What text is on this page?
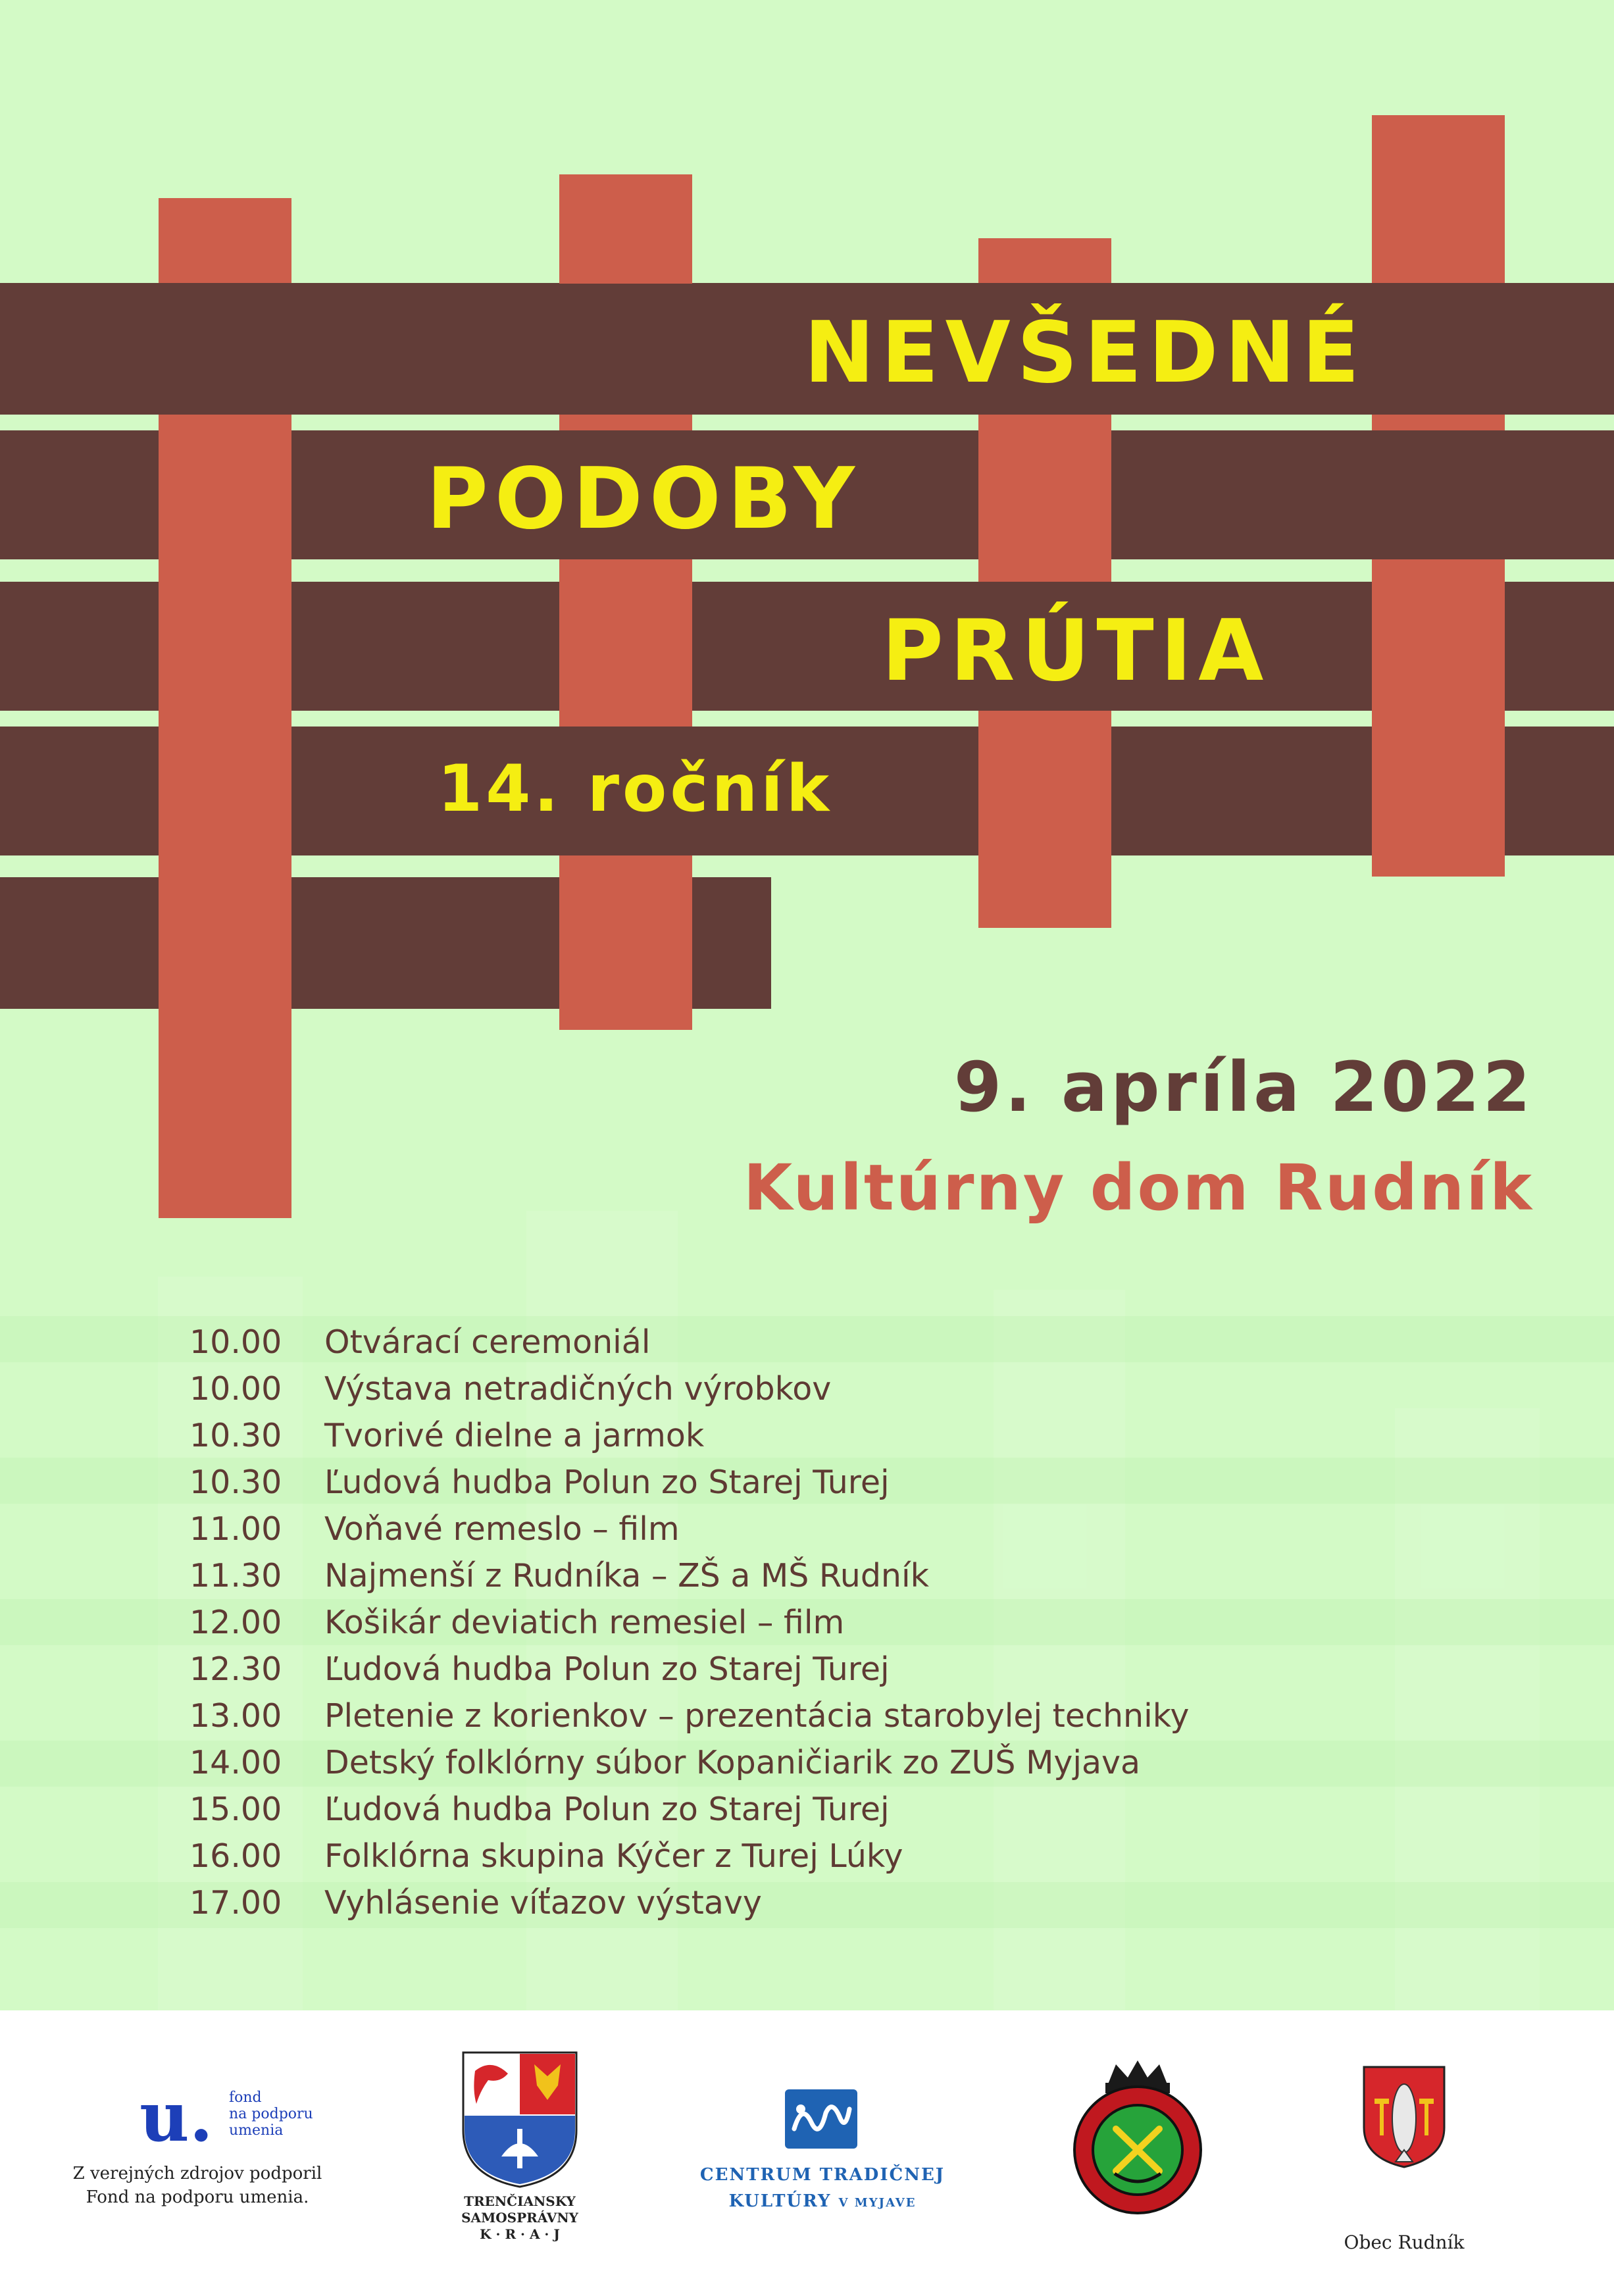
NEVŠEDNÉ
PODOBY
PRÚTIA
14. ročník
9. apríla 2022
Kultúrny dom Rudník
10.00	Otvárací ceremoniál
10.00	Výstava netradičných výrobkov
10.30	Tvorivé dielne a jarmok
10.30	Ľudová hudba Polun zo Starej Turej
11.00	Voňavé remeslo – film
11.30	Najmenší z Rudníka – ZŠ a MŠ Rudník
12.00	Košikár deviatich remesiel – film
12.30	Ľudová hudba Polun zo Starej Turej
13.00	Pletenie z korienkov – prezentácia starobylej techniky
14.00	Detský folklórny súbor Kopaničiarik zo ZUŠ Myjava
15.00	Ľudová hudba Polun zo Starej Turej
16.00	Folklórna skupina Kýčer z Turej Lúky
17.00	Vyhlásenie víťazov výstavy
u.	fond
na podporu
umenia
Z verejných zdrojov podporil
Fond na podporu umenia.	TRENČIANSKY
SAMOSPRÁVNY
K · R · A · J
CENTRUM TRADIČNEJ
KULTÚRY V MYJAVE
Obec Rudník
